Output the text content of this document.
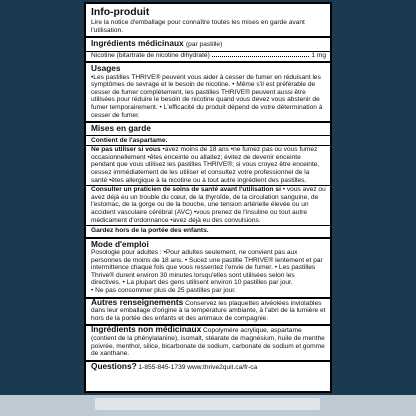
Info-produit

Lire la notice d'emballage pour connaître toutes les mises en garde avant l'utilisation.

Ingrédients médicinaux (par pastille)
Nicotine (bitartrate de nicotine dihydraté)	1 mg
Usages

•Les pastilles THRIVE® peuvent vous aider à cesser de fumer en réduisant les symptômes de sevrage et le besoin de nicotine. • Même s'il est préférable de cesser de fumer complètement, les pastilles THRIVE® peuvent aussi être utilisées pour réduire le besoin de nicotine quand vous devez vous abstenir de fumer temporairement. • L'efficacité du produit dépend de votre détermination à cesser de fumer.

Mises en garde
Contient de l'aspartame.

Ne pas utiliser si vous •avez moins de 18 ans •ne fumez pas ou vous fumez occasionnellement •êtes enceinte ou allaitez; évitez de devenir enceinte pendant que vous utilisez les pastilles THRIVE®; si vous croyez être enceinte, cessez immédiatement de les utiliser et consultez votre professionnel de la santé •êtes allergique à la nicotine ou à tout autre ingrédient des pastilles.

Consulter un praticien de soins de santé avant l'utilisation si • vous avez ou avez déjà eu un trouble du cœur, de la thyroïde, de la circulation sanguine, de l'estomac, de la gorge ou de la bouche, une tension artérielle élevée ou un accident vasculaire cérébral (AVC) •vous prenez de l'insuline ou tout autre médicament d'ordonnance •avez déjà eu des convulsions.

Gardez hors de la portée des enfants.
Mode d'emploi

Posologie pour adultes : •Pour adultes seulement, ne convient pas aux personnes de moins de 18 ans. • Sucez une pastille THRIVE® lentement et par intermittence chaque fois que vous ressentez l'envie de fumer. • Les pastilles Thrive® durent environ 30 minutes lorsqu'elles sont utilisées selon les directives. • La plupart des gens utilisent environ 10 pastilles par jour.

• Ne pas consommer plus de 25 pastilles par jour.

Autres renseignements Conservez les plaquettes alvéolées inviolables dans leur emballage d'origine à la température ambiante, à l'abri de la lumière et hors de la portée des enfants et des animaux de compagnie.

Ingrédients non médicinaux Copolymère acrylique, aspartame (contient de la phénylalanine), isomalt, stéarate de magnésium, huile de menthe poivrée, menthol, silice, bicarbonate de sodium, carbonate de sodium et gomme de xanthane.

Questions? 1-855-845-1739 www.thrive2quit.ca/fr-ca
